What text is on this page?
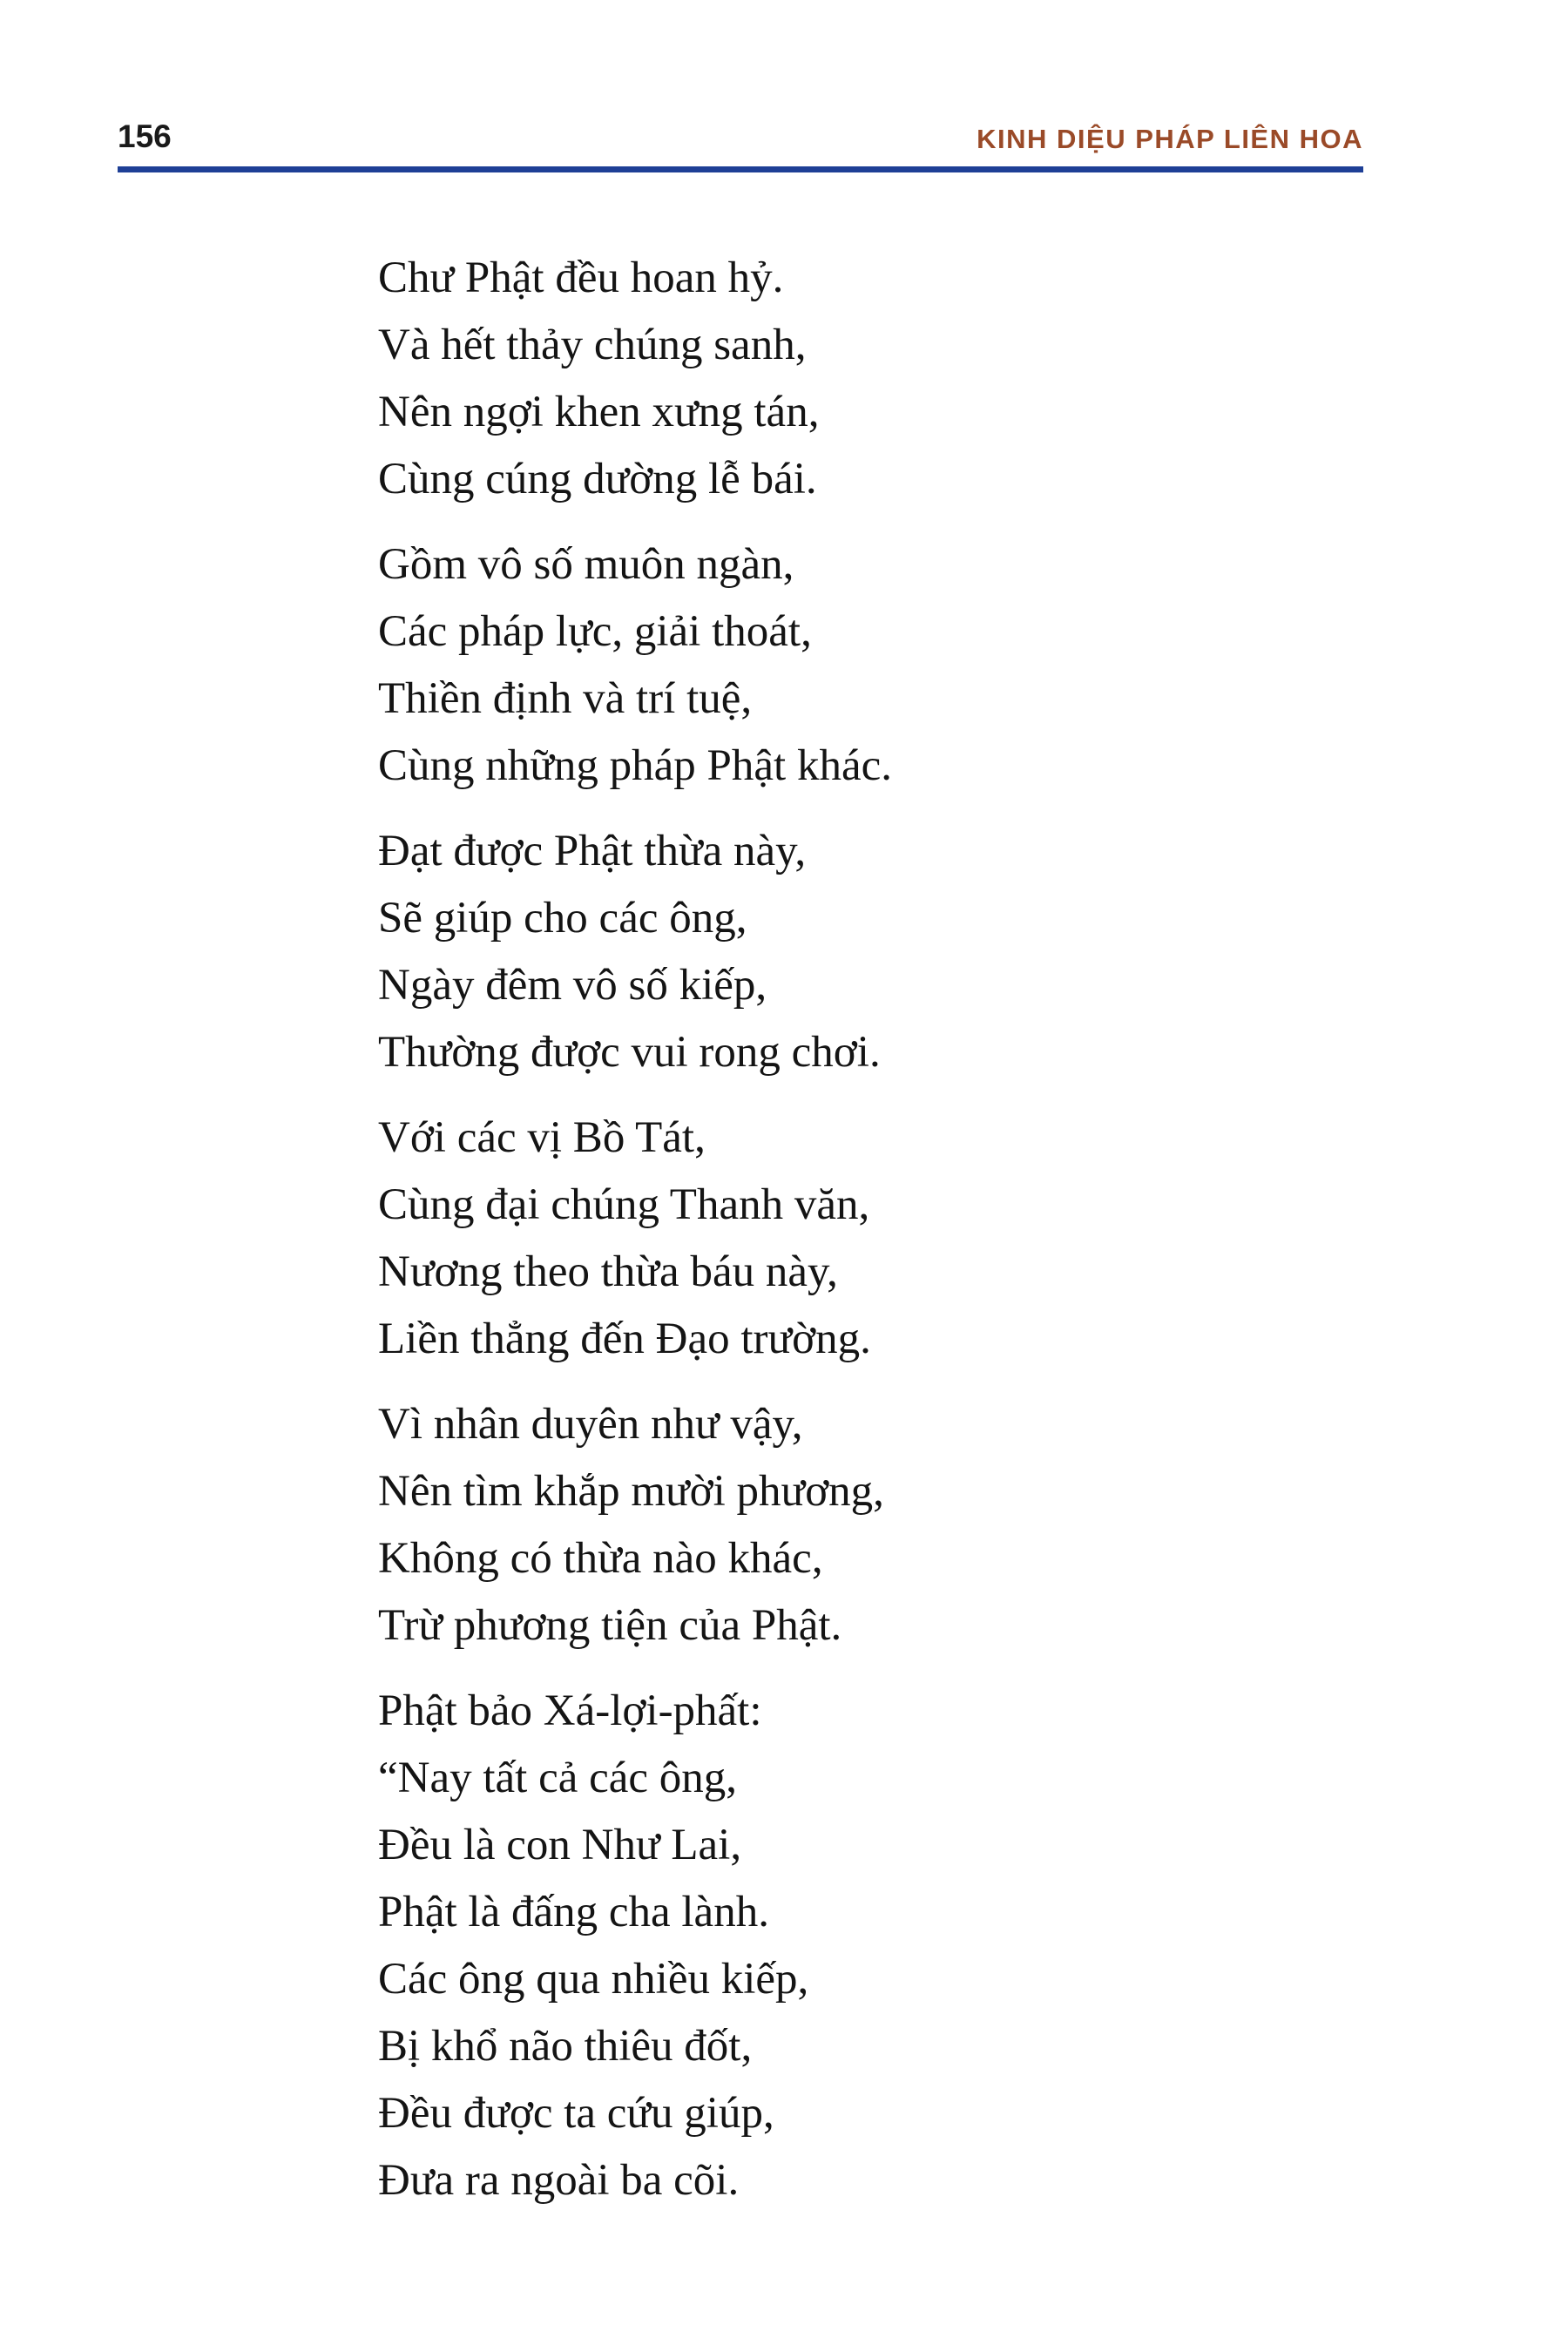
156	KINH DIỆU PHÁP LIÊN HOA

Chư Phật đều hoan hỷ.

Và hết thảy chúng sanh,

Nên ngợi khen xưng tán,

Cùng cúng dường lễ bái.

Gồm vô số muôn ngàn,

Các pháp lực, giải thoát,

Thiền định và trí tuệ,

Cùng những pháp Phật khác.

Đạt được Phật thừa này,

Sẽ giúp cho các ông,

Ngày đêm vô số kiếp,

Thường được vui rong chơi.

Với các vị Bồ Tát,

Cùng đại chúng Thanh văn,

Nương theo thừa báu này,

Liền thẳng đến Đạo trường.

Vì nhân duyên như vậy,

Nên tìm khắp mười phương,

Không có thừa nào khác,

Trừ phương tiện của Phật.

Phật bảo Xá-lợi-phất:

“Nay tất cả các ông,

Đều là con Như Lai,

Phật là đấng cha lành.

Các ông qua nhiều kiếp,

Bị khổ não thiêu đốt,

Đều được ta cứu giúp,

Đưa ra ngoài ba cõi.
